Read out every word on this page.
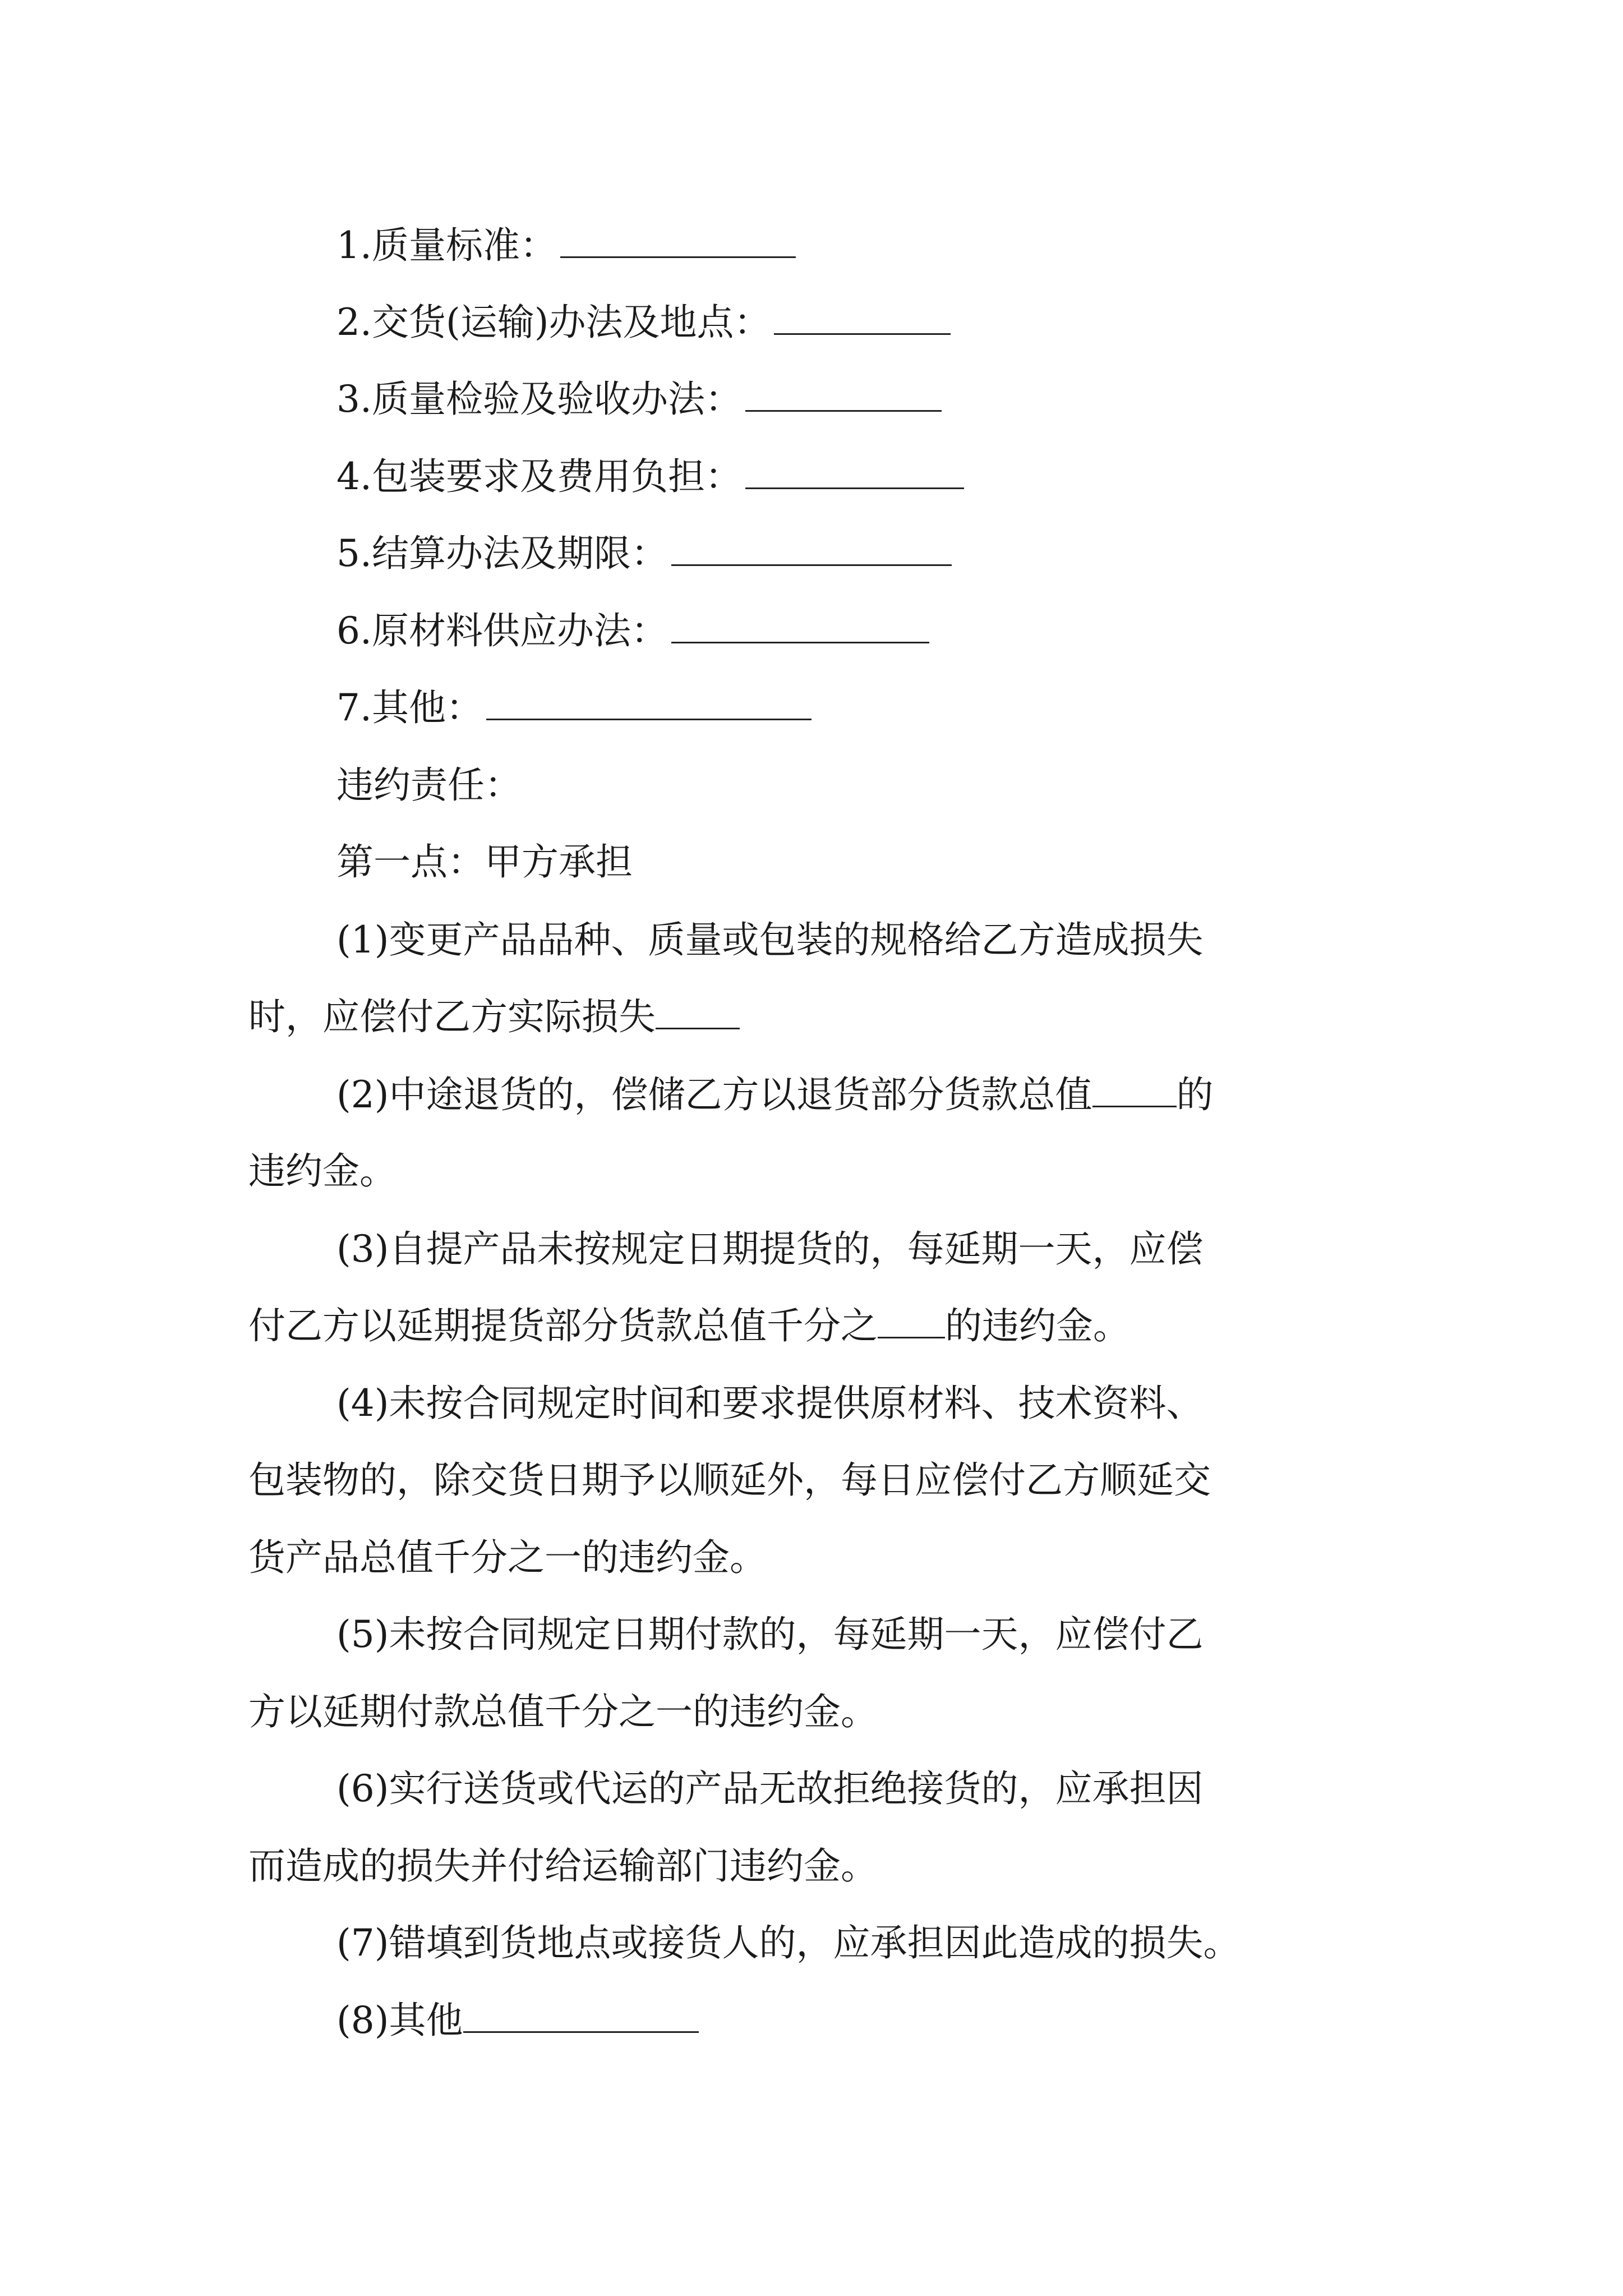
1.质量标准：
2.交货(运输)办法及地点：
3.质量检验及验收办法：
4.包装要求及费用负担：
5.结算办法及期限：
6.原材料供应办法：
7.其他：
违约责任：
第一点：甲方承担
(1)变更产品品种、质量或包装的规格给乙方造成损失
时，应偿付乙方实际损失
(2)中途退货的，偿储乙方以退货部分货款总值 的
违约金。
(3)自提产品未按规定日期提货的，每延期一天，应偿
付乙方以延期提货部分货款总值千分之 的违约金。
(4)未按合同规定时间和要求提供原材料、技术资料、
包装物的，除交货日期予以顺延外，每日应偿付乙方顺延交
货产品总值千分之一的违约金。
(5)未按合同规定日期付款的，每延期一天，应偿付乙
方以延期付款总值千分之一的违约金。
(6)实行送货或代运的产品无故拒绝接货的，应承担因
而造成的损失并付给运输部门违约金。
(7)错填到货地点或接货人的，应承担因此造成的损失。
(8)其他
